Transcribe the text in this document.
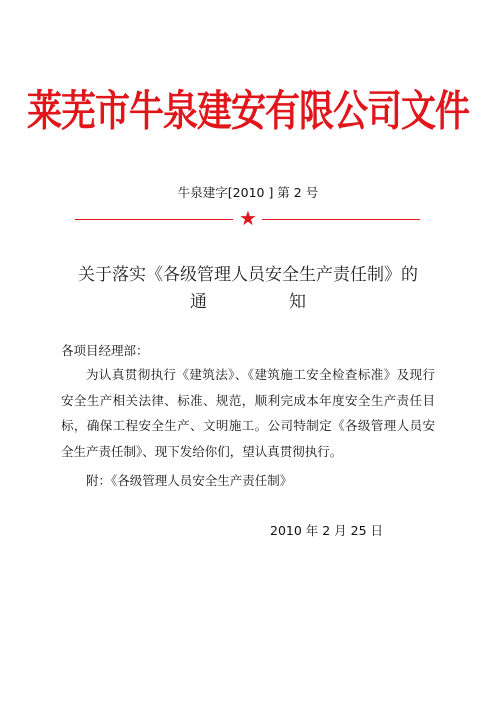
莱芜市牛泉建安有限公司文件
牛泉建字[2010 ] 第 2 号
★
关于落实《各级管理人员安全生产责任制》的
通	知
各项目经理部：
为认真贯彻执行《建筑法》、《建筑施工安全检查标准》及现行安全生产相关法律、标准、规范，顺利完成本年度安全生产责任目标，确保工程安全生产、文明施工。公司特制定《各级管理人员安全生产责任制》、现下发给你们，望认真贯彻执行。
附：《各级管理人员安全生产责任制》
2010 年 2 月 25 日
